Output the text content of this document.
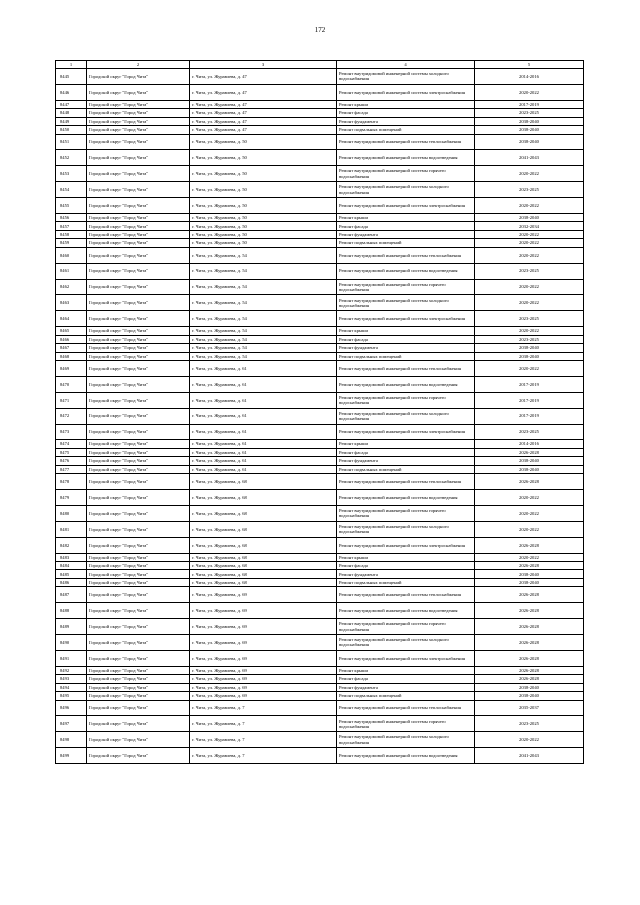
172
1	2	3	4	5
8445	Городской округ "Город Чита"	г. Чита, ул. Журавлева, д. 47	Ремонт внутридомовой инженерной системы холодного водоснабжения	2014-2016
8446	Городской округ "Город Чита"	г. Чита, ул. Журавлева, д. 47	Ремонт внутридомовой инженерной системы электроснабжения	2020-2022
8447	Городской округ "Город Чита"	г. Чита, ул. Журавлева, д. 47	Ремонт крыши	2017-2019
8448	Городской округ "Город Чита"	г. Чита, ул. Журавлева, д. 47	Ремонт фасада	2023-2025
8449	Городской округ "Город Чита"	г. Чита, ул. Журавлева, д. 47	Ремонт фундамента	2038-2040
8450	Городской округ "Город Чита"	г. Чита, ул. Журавлева, д. 47	Ремонт подвальных помещений	2038-2040
8451	Городской округ "Город Чита"	г. Чита, ул. Журавлева, д. 50	Ремонт внутридомовой инженерной системы теплоснабжения	2038-2040
8452	Городской округ "Город Чита"	г. Чита, ул. Журавлева, д. 50	Ремонт внутридомовой инженерной системы водоотведения	2041-2043
8453	Городской округ "Город Чита"	г. Чита, ул. Журавлева, д. 50	Ремонт внутридомовой инженерной системы горячего водоснабжения	2020-2022
8454	Городской округ "Город Чита"	г. Чита, ул. Журавлева, д. 50	Ремонт внутридомовой инженерной системы холодного водоснабжения	2023-2025
8455	Городской округ "Город Чита"	г. Чита, ул. Журавлева, д. 50	Ремонт внутридомовой инженерной системы электроснабжения	2020-2022
8456	Городской округ "Город Чита"	г. Чита, ул. Журавлева, д. 50	Ремонт крыши	2038-2040
8457	Городской округ "Город Чита"	г. Чита, ул. Журавлева, д. 50	Ремонт фасада	2032-2034
8458	Городской округ "Город Чита"	г. Чита, ул. Журавлева, д. 50	Ремонт фундамента	2020-2022
8459	Городской округ "Город Чита"	г. Чита, ул. Журавлева, д. 50	Ремонт подвальных помещений	2020-2022
8460	Городской округ "Город Чита"	г. Чита, ул. Журавлева, д. 54	Ремонт внутридомовой инженерной системы теплоснабжения	2020-2022
8461	Городской округ "Город Чита"	г. Чита, ул. Журавлева, д. 54	Ремонт внутридомовой инженерной системы водоотведения	2023-2025
8462	Городской округ "Город Чита"	г. Чита, ул. Журавлева, д. 54	Ремонт внутридомовой инженерной системы горячего водоснабжения	2020-2022
8463	Городской округ "Город Чита"	г. Чита, ул. Журавлева, д. 54	Ремонт внутридомовой инженерной системы холодного водоснабжения	2020-2022
8464	Городской округ "Город Чита"	г. Чита, ул. Журавлева, д. 54	Ремонт внутридомовой инженерной системы электроснабжения	2023-2025
8465	Городской округ "Город Чита"	г. Чита, ул. Журавлева, д. 54	Ремонт крыши	2020-2022
8466	Городской округ "Город Чита"	г. Чита, ул. Журавлева, д. 54	Ремонт фасада	2023-2025
8467	Городской округ "Город Чита"	г. Чита, ул. Журавлева, д. 54	Ремонт фундамента	2038-2040
8468	Городской округ "Город Чита"	г. Чита, ул. Журавлева, д. 54	Ремонт подвальных помещений	2038-2040
8469	Городской округ "Город Чита"	г. Чита, ул. Журавлева, д. 61	Ремонт внутридомовой инженерной системы теплоснабжения	2020-2022
8470	Городской округ "Город Чита"	г. Чита, ул. Журавлева, д. 61	Ремонт внутридомовой инженерной системы водоотведения	2017-2019
8471	Городской округ "Город Чита"	г. Чита, ул. Журавлева, д. 61	Ремонт внутридомовой инженерной системы горячего водоснабжения	2017-2019
8472	Городской округ "Город Чита"	г. Чита, ул. Журавлева, д. 61	Ремонт внутридомовой инженерной системы холодного водоснабжения	2017-2019
8473	Городской округ "Город Чита"	г. Чита, ул. Журавлева, д. 61	Ремонт внутридомовой инженерной системы электроснабжения	2023-2025
8474	Городской округ "Город Чита"	г. Чита, ул. Журавлева, д. 61	Ремонт крыши	2014-2016
8475	Городской округ "Город Чита"	г. Чита, ул. Журавлева, д. 61	Ремонт фасада	2026-2028
8476	Городской округ "Город Чита"	г. Чита, ул. Журавлева, д. 61	Ремонт фундамента	2038-2040
8477	Городской округ "Город Чита"	г. Чита, ул. Журавлева, д. 61	Ремонт подвальных помещений	2038-2040
8478	Городской округ "Город Чита"	г. Чита, ул. Журавлева, д. 68	Ремонт внутридомовой инженерной системы теплоснабжения	2026-2028
8479	Городской округ "Город Чита"	г. Чита, ул. Журавлева, д. 68	Ремонт внутридомовой инженерной системы водоотведения	2020-2022
8480	Городской округ "Город Чита"	г. Чита, ул. Журавлева, д. 68	Ремонт внутридомовой инженерной системы горячего водоснабжения	2020-2022
8481	Городской округ "Город Чита"	г. Чита, ул. Журавлева, д. 68	Ремонт внутридомовой инженерной системы холодного водоснабжения	2020-2022
8482	Городской округ "Город Чита"	г. Чита, ул. Журавлева, д. 68	Ремонт внутридомовой инженерной системы электроснабжения	2026-2028
8483	Городской округ "Город Чита"	г. Чита, ул. Журавлева, д. 68	Ремонт крыши	2020-2022
8484	Городской округ "Город Чита"	г. Чита, ул. Журавлева, д. 68	Ремонт фасада	2026-2028
8485	Городской округ "Город Чита"	г. Чита, ул. Журавлева, д. 68	Ремонт фундамента	2038-2040
8486	Городской округ "Город Чита"	г. Чита, ул. Журавлева, д. 68	Ремонт подвальных помещений	2038-2040
8487	Городской округ "Город Чита"	г. Чита, ул. Журавлева, д. 69	Ремонт внутридомовой инженерной системы теплоснабжения	2026-2028
8488	Городской округ "Город Чита"	г. Чита, ул. Журавлева, д. 69	Ремонт внутридомовой инженерной системы водоотведения	2026-2028
8489	Городской округ "Город Чита"	г. Чита, ул. Журавлева, д. 69	Ремонт внутридомовой инженерной системы горячего водоснабжения	2026-2028
8490	Городской округ "Город Чита"	г. Чита, ул. Журавлева, д. 69	Ремонт внутридомовой инженерной системы холодного водоснабжения	2026-2028
8491	Городской округ "Город Чита"	г. Чита, ул. Журавлева, д. 69	Ремонт внутридомовой инженерной системы электроснабжения	2026-2028
8492	Городской округ "Город Чита"	г. Чита, ул. Журавлева, д. 69	Ремонт крыши	2026-2028
8493	Городской округ "Город Чита"	г. Чита, ул. Журавлева, д. 69	Ремонт фасада	2026-2028
8494	Городской округ "Город Чита"	г. Чита, ул. Журавлева, д. 69	Ремонт фундамента	2038-2040
8495	Городской округ "Город Чита"	г. Чита, ул. Журавлева, д. 69	Ремонт подвальных помещений	2038-2040
8496	Городской округ "Город Чита"	г. Чита, ул. Журавлева, д. 7	Ремонт внутридомовой инженерной системы теплоснабжения	2035-2037
8497	Городской округ "Город Чита"	г. Чита, ул. Журавлева, д. 7	Ремонт внутридомовой инженерной системы горячего водоснабжения	2023-2025
8498	Городской округ "Город Чита"	г. Чита, ул. Журавлева, д. 7	Ремонт внутридомовой инженерной системы холодного водоснабжения	2020-2022
8499	Городской округ "Город Чита"	г. Чита, ул. Журавлева, д. 7	Ремонт внутридомовой инженерной системы водоотведения	2041-2043
